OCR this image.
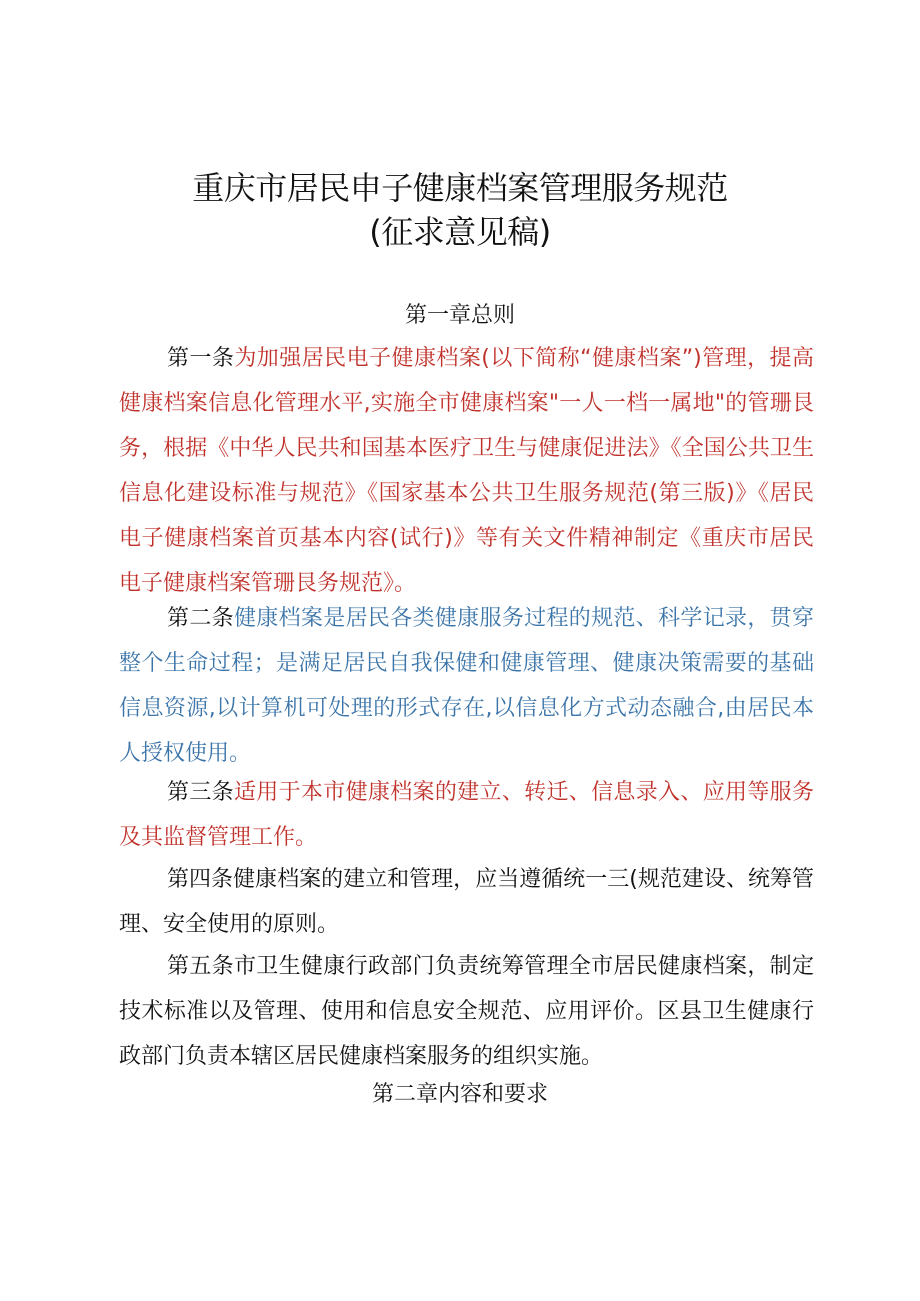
重庆市居民申子健康档案管理服务规范
(征求意见稿)
第一章总则
第一条为加强居民电子健康档案(以下简称“健康档案”)管理，提高健康档案信息化管理水平,实施全市健康档案"一人一档一属地"的管珊艮务，根据《中华人民共和国基本医疗卫生与健康促进法》《全国公共卫生信息化建设标准与规范》《国家基本公共卫生服务规范(第三版)》《居民电子健康档案首页基本内容(试行)》等有关文件精神制定《重庆市居民电子健康档案管珊艮务规范》。
第二条健康档案是居民各类健康服务过程的规范、科学记录，贯穿整个生命过程；是满足居民自我保健和健康管理、健康决策需要的基础信息资源,以计算机可处理的形式存在,以信息化方式动态融合,由居民本人授权使用。
第三条适用于本市健康档案的建立、转迁、信息录入、应用等服务及其监督管理工作。
第四条健康档案的建立和管理，应当遵循统一三(规范建设、统筹管理、安全使用的原则。
第五条市卫生健康行政部门负责统筹管理全市居民健康档案，制定技术标准以及管理、使用和信息安全规范、应用评价。区县卫生健康行政部门负责本辖区居民健康档案服务的组织实施。
第二章内容和要求
